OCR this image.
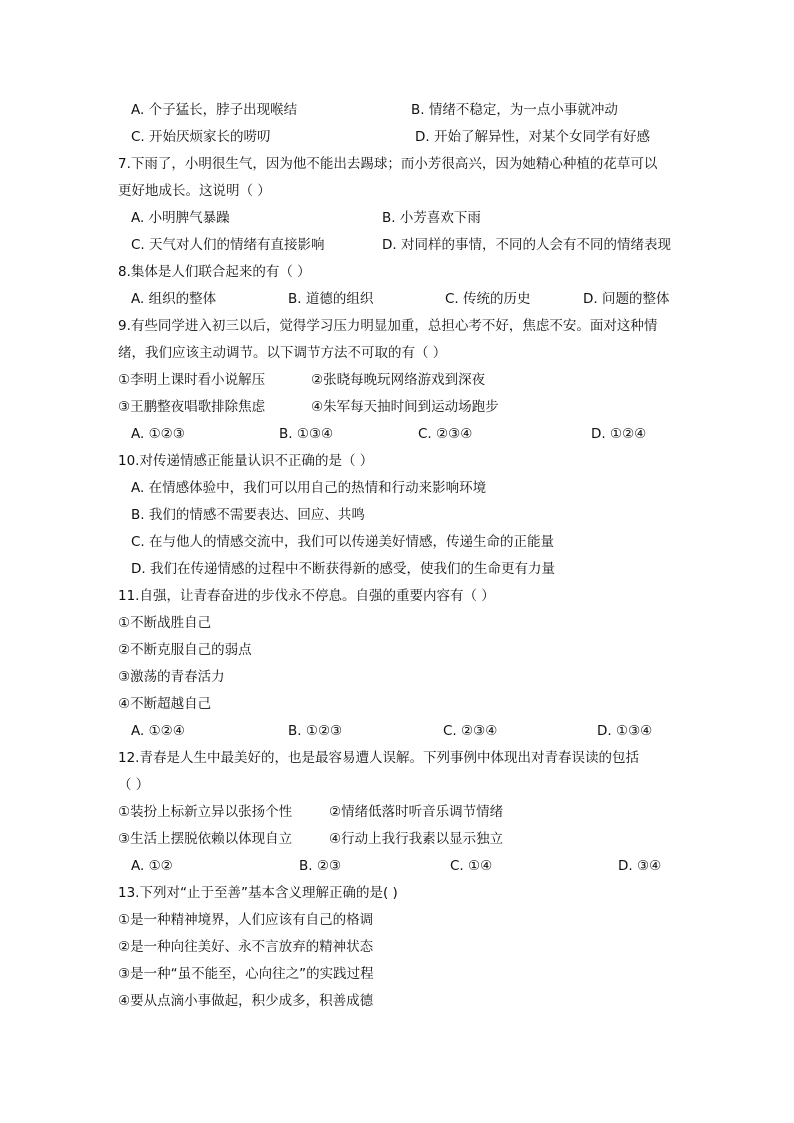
A. 个子猛长，脖子出现喉结	B. 情绪不稳定，为一点小事就冲动
C. 开始厌烦家长的唠叨	D. 开始了解异性，对某个女同学有好感
7.下雨了，小明很生气，因为他不能出去踢球；而小芳很高兴，因为她精心种植的花草可以
更好地成长。这说明（ ）
A. 小明脾气暴躁	B. 小芳喜欢下雨
C. 天气对人们的情绪有直接影响	D. 对同样的事情，不同的人会有不同的情绪表现
8.集体是人们联合起来的有（ ）
A. 组织的整体	B. 道德的组织	C. 传统的历史	D. 问题的整体
9.有些同学进入初三以后，觉得学习压力明显加重，总担心考不好，焦虑不安。面对这种情
绪，我们应该主动调节。以下调节方法不可取的有（ ）
①李明上课时看小说解压	②张晓每晚玩网络游戏到深夜
③王鹏整夜唱歌排除焦虑	④朱军每天抽时间到运动场跑步
A. ①②③	B. ①③④	C. ②③④	D. ①②④
10.对传递情感正能量认识不正确的是（ ）
A. 在情感体验中，我们可以用自己的热情和行动来影响环境
B. 我们的情感不需要表达、回应、共鸣
C. 在与他人的情感交流中，我们可以传递美好情感，传递生命的正能量
D. 我们在传递情感的过程中不断获得新的感受，使我们的生命更有力量
11.自强，让青春奋进的步伐永不停息。自强的重要内容有（ ）
①不断战胜自己
②不断克服自己的弱点
③激荡的青春活力
④不断超越自己
A. ①②④	B. ①②③	C. ②③④	D. ①③④
12.青春是人生中最美好的，也是最容易遭人误解。下列事例中体现出对青春误读的包括
（ ）
①装扮上标新立异以张扬个性	②情绪低落时听音乐调节情绪
③生活上摆脱依赖以体现自立	④行动上我行我素以显示独立
A. ①②	B. ②③	C. ①④	D. ③④
13.下列对“止于至善”基本含义理解正确的是( )
①是一种精神境界，人们应该有自己的格调
②是一种向往美好、永不言放弃的精神状态
③是一种“虽不能至，心向往之”的实践过程
④要从点滴小事做起，积少成多，积善成德
